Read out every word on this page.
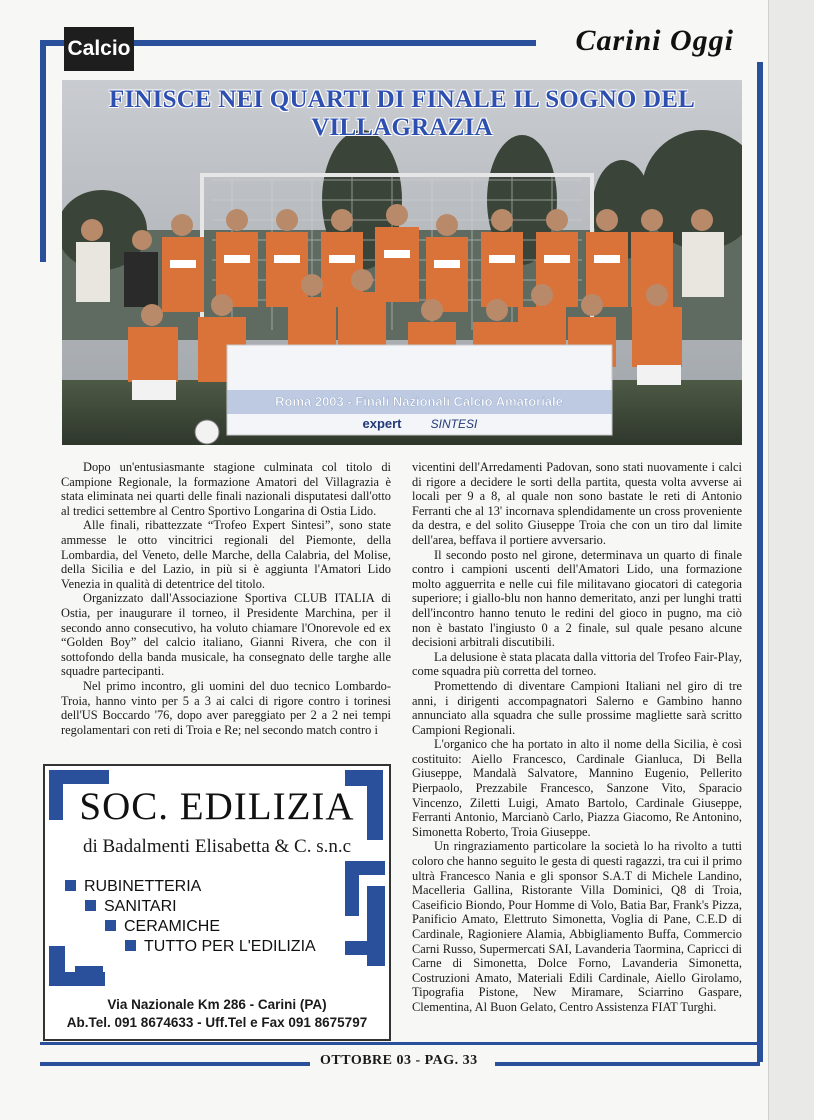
Calcio	Carini Oggi
Roma 2003 - Finali Nazionali Calcio Amatoriale
expert SINTESI
FINISCE NEI QUARTI DI FINALE IL SOGNO DEL VILLAGRAZIA

Dopo un'entusiasmante stagione culminata col titolo di Campione Regionale, la formazione Amatori del Villagrazia è stata eliminata nei quarti delle finali nazionali disputatesi dall'otto al tredici settembre al Centro Sportivo Longarina di Ostia Lido.

Alle finali, ribattezzate “Trofeo Expert Sintesi”, sono state ammesse le otto vincitrici regionali del Piemonte, della Lombardia, del Veneto, delle Marche, della Calabria, del Molise, della Sicilia e del Lazio, in più si è aggiunta l'Amatori Lido Venezia in qualità di detentrice del titolo.

Organizzato dall'Associazione Sportiva CLUB ITALIA di Ostia, per inaugurare il torneo, il Presidente Marchina, per il secondo anno consecutivo, ha voluto chiamare l'Onorevole ed ex “Golden Boy” del calcio italiano, Gianni Rivera, che con il sottofondo della banda musicale, ha consegnato delle targhe alle squadre partecipanti.

Nel primo incontro, gli uomini del duo tecnico Lombardo-Troia, hanno vinto per 5 a 3 ai calci di rigore contro i torinesi dell'US Boccardo '76, dopo aver pareggiato per 2 a 2 nei tempi regolamentari con reti di Troia e Re; nel secondo match contro i

vicentini dell'Arredamenti Padovan, sono stati nuovamente i calci di rigore a decidere le sorti della partita, questa volta avverse ai locali per 9 a 8, al quale non sono bastate le reti di Antonio Ferranti che al 13' incornava splendidamente un cross proveniente da destra, e del solito Giuseppe Troia che con un tiro dal limite dell'area, beffava il portiere avversario.

Il secondo posto nel girone, determinava un quarto di finale contro i campioni uscenti dell'Amatori Lido, una formazione molto agguerrita e nelle cui file militavano giocatori di categoria superiore; i giallo-blu non hanno demeritato, anzi per lunghi tratti dell'incontro hanno tenuto le redini del gioco in pugno, ma ciò non è bastato l'ingiusto 0 a 2 finale, sul quale pesano alcune decisioni arbitrali discutibili.

La delusione è stata placata dalla vittoria del Trofeo Fair-Play, come squadra più corretta del torneo.

Promettendo di diventare Campioni Italiani nel giro di tre anni, i dirigenti accompagnatori Salerno e Gambino hanno annunciato alla squadra che sulle prossime magliette sarà scritto Campioni Regionali.

L'organico che ha portato in alto il nome della Sicilia, è così costituito: Aiello Francesco, Cardinale Gianluca, Di Bella Giuseppe, Mandalà Salvatore, Mannino Eugenio, Pellerito Pierpaolo, Prezzabile Francesco, Sanzone Vito, Sparacio Vincenzo, Ziletti Luigi, Amato Bartolo, Cardinale Giuseppe, Ferranti Antonio, Marcianò Carlo, Piazza Giacomo, Re Antonino, Simonetta Roberto, Troia Giuseppe.

Un ringraziamento particolare la società lo ha rivolto a tutti coloro che hanno seguito le gesta di questi ragazzi, tra cui il primo ultrà Francesco Nania e gli sponsor S.A.T di Michele Landino, Macelleria Gallina, Ristorante Villa Dominici, Q8 di Troia, Caseificio Biondo, Pour Homme di Volo, Batia Bar, Frank's Pizza, Panificio Amato, Elettruto Simonetta, Voglia di Pane, C.E.D di Cardinale, Ragioniere Alamia, Abbigliamento Buffa, Commercio Carni Russo, Supermercati SAI, Lavanderia Taormina, Capricci di Carne di Simonetta, Dolce Forno, Lavanderia Simonetta, Costruzioni Amato, Materiali Edili Cardinale, Aiello Girolamo, Tipografia Pistone, New Miramare, Sciarrino Gaspare, Clementina, Al Buon Gelato, Centro Assistenza FIAT Turghi.

SOC. EDILIZIA
di Badalmenti Elisabetta & C. s.n.c
RUBINETTERIA
SANITARI
CERAMICHE
TUTTO PER L'EDILIZIA
Via Nazionale Km 286 - Carini (PA)
Ab.Tel. 091 8674633 - Uff.Tel e Fax 091 8675797
OTTOBRE 03 - PAG. 33
